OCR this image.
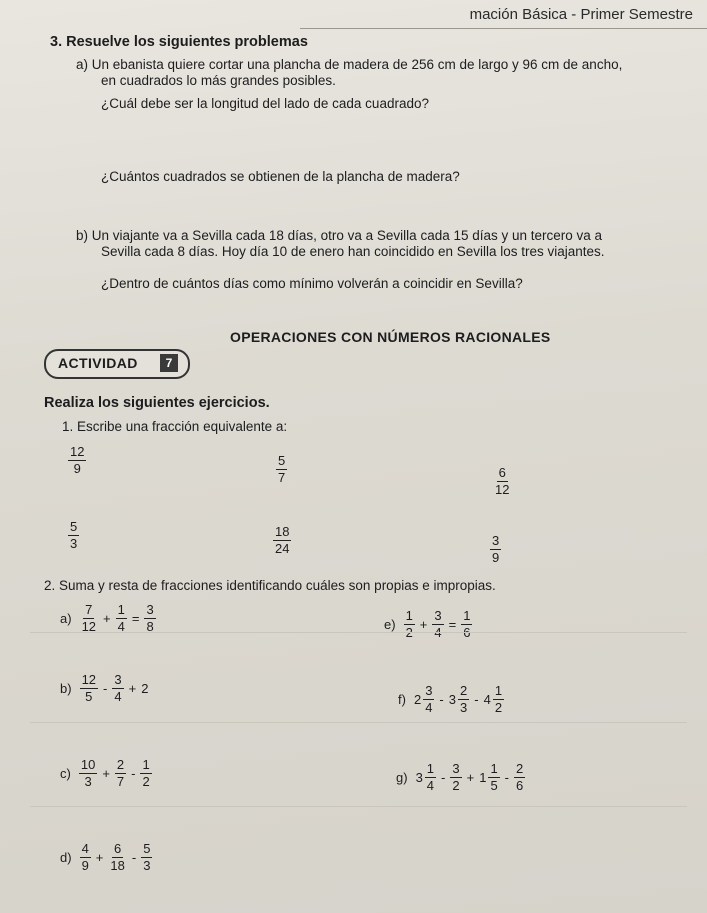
mación Básica - Primer Semestre
3. Resuelve los siguientes problemas
a) Un ebanista quiere cortar una plancha de madera de 256 cm de largo y 96 cm de ancho,
en cuadrados lo más grandes posibles.
¿Cuál debe ser la longitud del lado de cada cuadrado?
¿Cuántos cuadrados se obtienen de la plancha de madera?
b) Un viajante va a Sevilla cada 18 días, otro va a Sevilla cada 15 días y un tercero va a
Sevilla cada 8 días. Hoy día 10 de enero han coincidido en Sevilla los tres viajantes.
¿Dentro de cuántos días como mínimo volverán a coincidir en Sevilla?
OPERACIONES CON NÚMEROS RACIONALES
ACTIVIDAD	7
Realiza los siguientes ejercicios.
1. Escribe una fracción equivalente a:
$\frac{12}{9}$	$\frac{5}{7}$	$\frac{6}{12}$
$\frac{5}{3}$	$\frac{18}{24}$	$\frac{3}{9}$
2. Suma y resta de fracciones identificando cuáles son propias e impropias.
$a) \frac{7}{12} + \frac{1}{4} = \frac{3}{8}$	$e) \frac{1}{2} + \frac{3}{4} = \frac{1}{6}$
$b) \frac{12}{5} - \frac{3}{4} + 2$
f) $2 \frac{3}{4} - 3 \frac{2}{3} - 4 \frac{1}{2}$
$c) \frac{10}{3} + \frac{2}{7} - \frac{1}{2}$	g) $3 \frac{1}{4} - \frac{3}{2} + 1 \frac{1}{5} - \frac{2}{6}$
$d) \frac{4}{9} + \frac{6}{18} - \frac{5}{3}$
